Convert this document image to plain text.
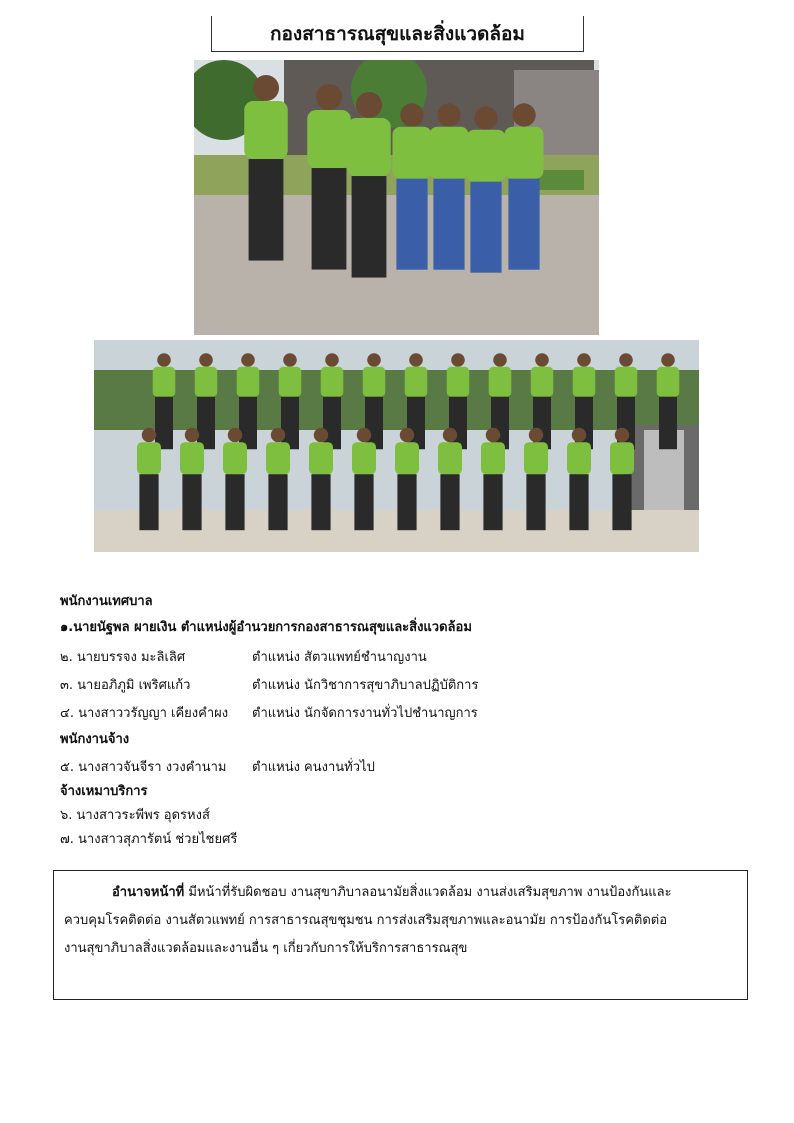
กองสาธารณสุขและสิ่งแวดล้อม
พนักงานเทศบาล
๑.นายนัฐพล ผายเงิน ตำแหน่งผู้อำนวยการกองสาธารณสุขและสิ่งแวดล้อม
๒. นายบรรจง มะลิเลิศ	ตำแหน่ง สัตวแพทย์ชำนาญงาน
๓. นายอภิภูมิ เพริศแก้ว	ตำแหน่ง นักวิชาการสุขาภิบาลปฏิบัติการ
๔. นางสาววรัญญา เคียงคำผง ตำแหน่ง นักจัดการงานทั่วไปชำนาญการ
พนักงานจ้าง
๕. นางสาวจันจีรา งวงคำนาม ตำแหน่ง คนงานทั่วไป
จ้างเหมาบริการ
๖. นางสาวระพีพร อุดรหงส์
๗. นางสาวสุภารัตน์ ช่วยไชยศรี
อำนาจหน้าที่ มีหน้าที่รับผิดชอบ งานสุขาภิบาลอนามัยสิ่งแวดล้อม งานส่งเสริมสุขภาพ งานป้องกันและ
ควบคุมโรคติดต่อ งานสัตวแพทย์ การสาธารณสุขชุมชน การส่งเสริมสุขภาพและอนามัย การป้องกันโรคติดต่อ
งานสุขาภิบาลสิ่งแวดล้อมและงานอื่น ๆ เกี่ยวกับการให้บริการสาธารณสุข
